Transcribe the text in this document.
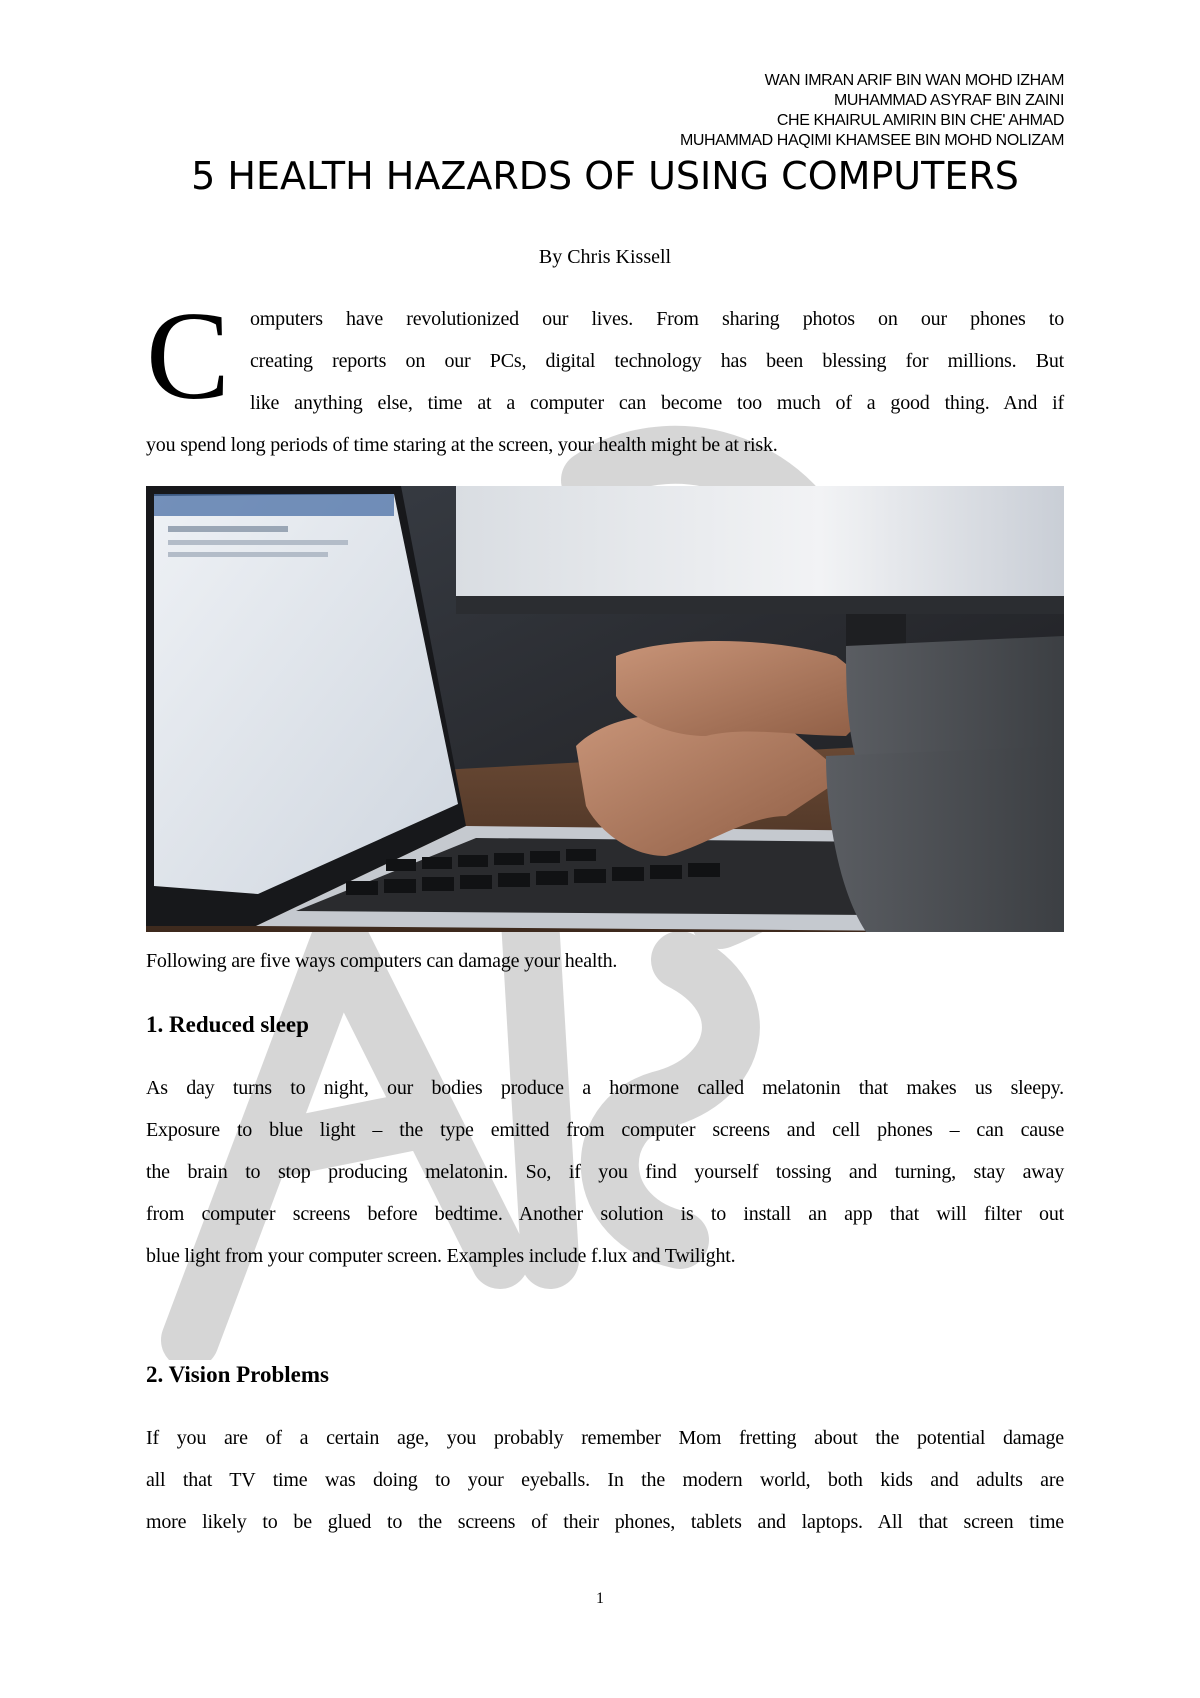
WAN IMRAN ARIF BIN WAN MOHD IZHAM
MUHAMMAD ASYRAF BIN ZAINI
CHE KHAIRUL AMIRIN BIN CHE' AHMAD
MUHAMMAD HAQIMI KHAMSEE BIN MOHD NOLIZAM
5 HEALTH HAZARDS OF USING COMPUTERS
By Chris Kissell
C omputers have revolutionized our lives. From sharing photos on our phones to
creating reports on our PCs, digital technology has been blessing for millions. But
like anything else, time at a computer can become too much of a good thing. And if
you spend long periods of time staring at the screen, your health might be at risk.
Following are five ways computers can damage your health.
1. Reduced sleep
As day turns to night, our bodies produce a hormone called melatonin that makes us sleepy.
Exposure to blue light – the type emitted from computer screens and cell phones – can cause
the brain to stop producing melatonin. So, if you find yourself tossing and turning, stay away
from computer screens before bedtime. Another solution is to install an app that will filter out
blue light from your computer screen. Examples include f.lux and Twilight.
2. Vision Problems
If you are of a certain age, you probably remember Mom fretting about the potential damage
all that TV time was doing to your eyeballs. In the modern world, both kids and adults are
more likely to be glued to the screens of their phones, tablets and laptops. All that screen time
1
